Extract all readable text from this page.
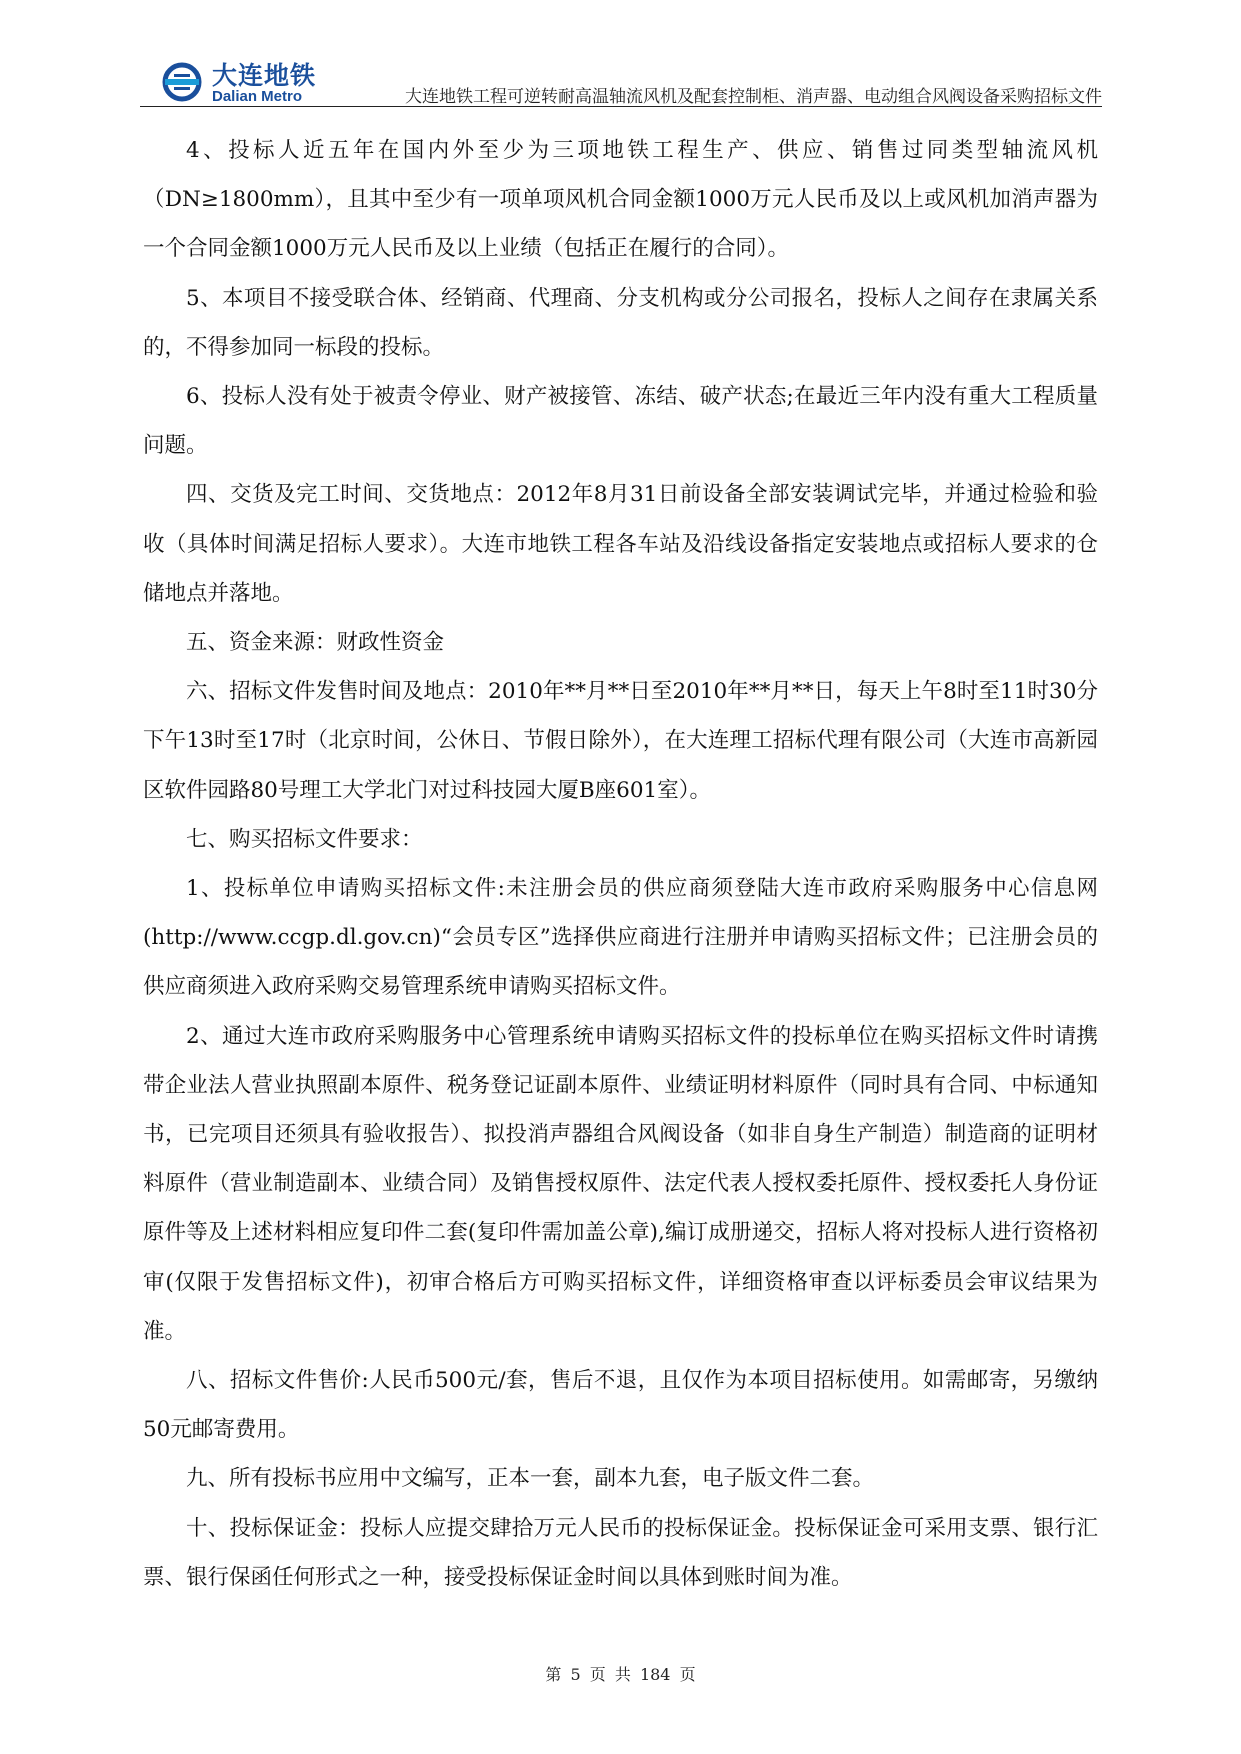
大连地铁
Dalian Metro	大连地铁工程可逆转耐高温轴流风机及配套控制柜、消声器、电动组合风阀设备采购招标文件

4、投标人近五年在国内外至少为三项地铁工程生产、供应、销售过同类型轴流风机（DN≥1800mm），且其中至少有一项单项风机合同金额1000万元人民币及以上或风机加消声器为一个合同金额1000万元人民币及以上业绩（包括正在履行的合同）。

5、本项目不接受联合体、经销商、代理商、分支机构或分公司报名，投标人之间存在隶属关系的，不得参加同一标段的投标。

6、投标人没有处于被责令停业、财产被接管、冻结、破产状态;在最近三年内没有重大工程质量问题。

四、交货及完工时间、交货地点：2012年8月31日前设备全部安装调试完毕，并通过检验和验收（具体时间满足招标人要求）。大连市地铁工程各车站及沿线设备指定安装地点或招标人要求的仓储地点并落地。

五、资金来源：财政性资金

六、招标文件发售时间及地点：2010年**月**日至2010年**月**日，每天上午8时至11时30分下午13时至17时（北京时间，公休日、节假日除外），在大连理工招标代理有限公司（大连市高新园区软件园路80号理工大学北门对过科技园大厦B座601室）。

七、购买招标文件要求：

1、投标单位申请购买招标文件:未注册会员的供应商须登陆大连市政府采购服务中心信息网(http://www.ccgp.dl.gov.cn)“会员专区”选择供应商进行注册并申请购买招标文件；已注册会员的供应商须进入政府采购交易管理系统申请购买招标文件。

2、通过大连市政府采购服务中心管理系统申请购买招标文件的投标单位在购买招标文件时请携带企业法人营业执照副本原件、税务登记证副本原件、业绩证明材料原件（同时具有合同、中标通知书，已完项目还须具有验收报告）、拟投消声器组合风阀设备（如非自身生产制造）制造商的证明材料原件（营业制造副本、业绩合同）及销售授权原件、法定代表人授权委托原件、授权委托人身份证原件等及上述材料相应复印件二套(复印件需加盖公章),编订成册递交，招标人将对投标人进行资格初审(仅限于发售招标文件)，初审合格后方可购买招标文件，详细资格审查以评标委员会审议结果为准。

八、招标文件售价:人民币500元/套，售后不退，且仅作为本项目招标使用。如需邮寄，另缴纳50元邮寄费用。

九、所有投标书应用中文编写，正本一套，副本九套，电子版文件二套。

十、投标保证金：投标人应提交肆拾万元人民币的投标保证金。投标保证金可采用支票、银行汇票、银行保函任何形式之一种，接受投标保证金时间以具体到账时间为准。

第 5 页 共 184 页
